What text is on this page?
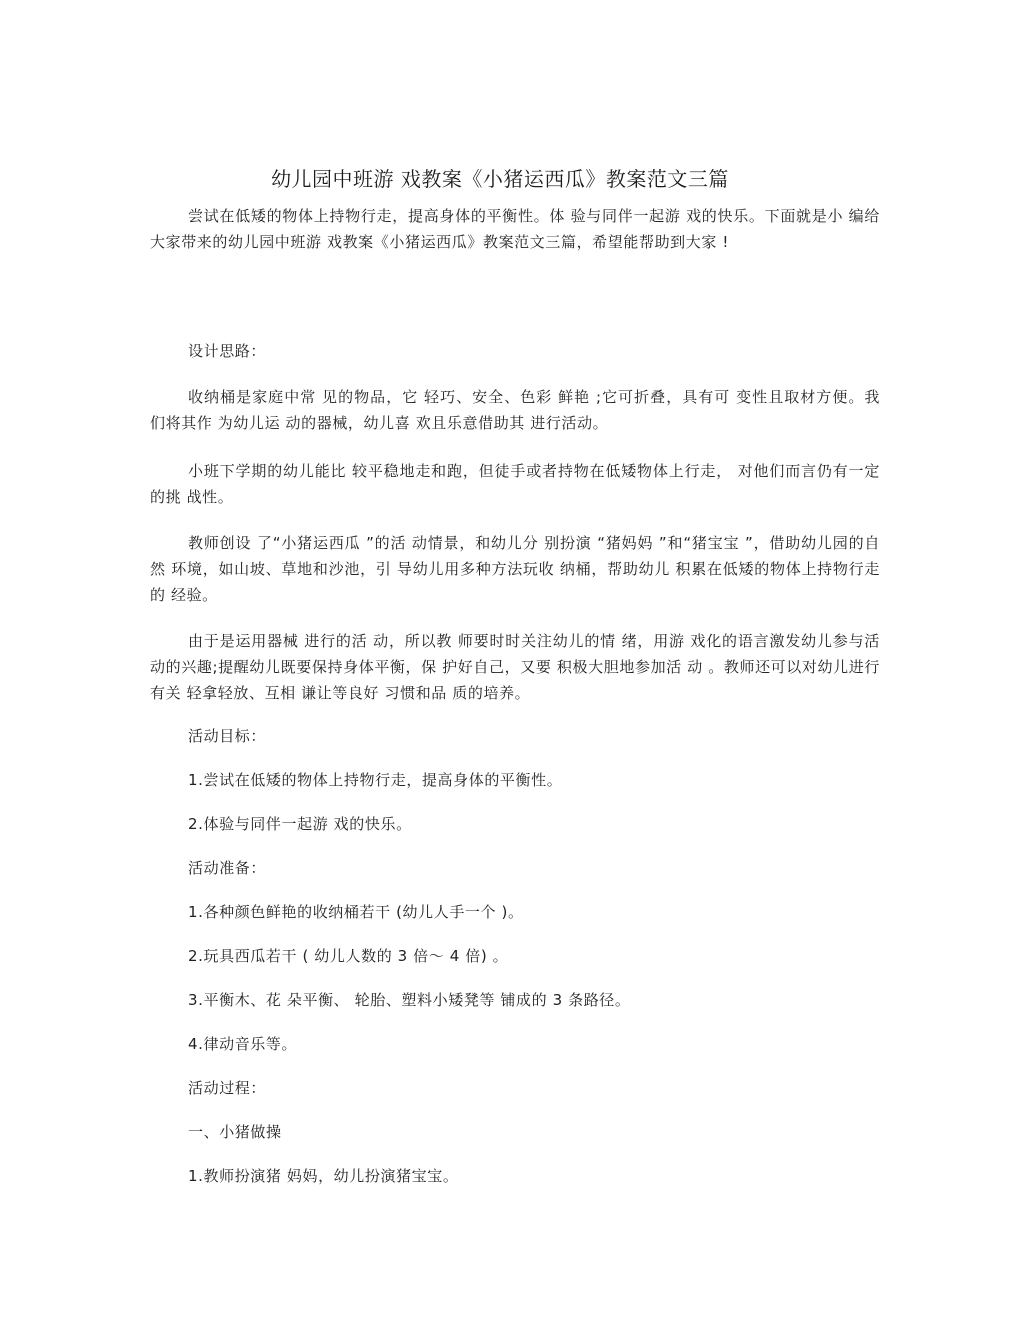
幼儿园中班游 戏教案《小猪运西瓜》教案范文三篇
尝试在低矮的物体上持物行走，提高身体的平衡性。体 验与同伴一起游 戏的快乐。下面就是小 编给大家带来的幼儿园中班游 戏教案《小猪运西瓜》教案范文三篇，希望能帮助到大家 !
设计思路：
收纳桶是家庭中常 见的物品，它 轻巧、安全、色彩 鲜艳 ;它可折叠，具有可 变性且取材方便。我 们将其作 为幼儿运 动的器械，幼儿喜 欢且乐意借助其 进行活动。
小班下学期的幼儿能比 较平稳地走和跑，但徒手或者持物在低矮物体上行走， 对他们而言仍有一定的挑 战性。
教师创设 了“小猪运西瓜 ”的活 动情景，和幼儿分 别扮演 “猪妈妈 ”和“猪宝宝 ”，借助幼儿园的自然 环境，如山坡、草地和沙池，引 导幼儿用多种方法玩收 纳桶，帮助幼儿 积累在低矮的物体上持物行走的 经验。
由于是运用器械 进行的活 动，所以教 师要时时关注幼儿的情 绪，用游 戏化的语言激发幼儿参与活 动的兴趣;提醒幼儿既要保持身体平衡，保 护好自己，又要 积极大胆地参加活 动 。教师还可以对幼儿进行有关 轻拿轻放、互相 谦让等良好 习惯和品 质的培养。
活动目标：
1.尝试在低矮的物体上持物行走，提高身体的平衡性。
2.体验与同伴一起游 戏的快乐。
活动准备：
1.各种颜色鲜艳的收纳桶若干 (幼儿人手一个 )。
2.玩具西瓜若干 ( 幼儿人数的 3 倍～ 4 倍) 。
3.平衡木、花 朵平衡、 轮胎、塑料小矮凳等 铺成的 3 条路径。
4.律动音乐等。
活动过程：
一、小猪做操
1.教师扮演猪 妈妈，幼儿扮演猪宝宝。
